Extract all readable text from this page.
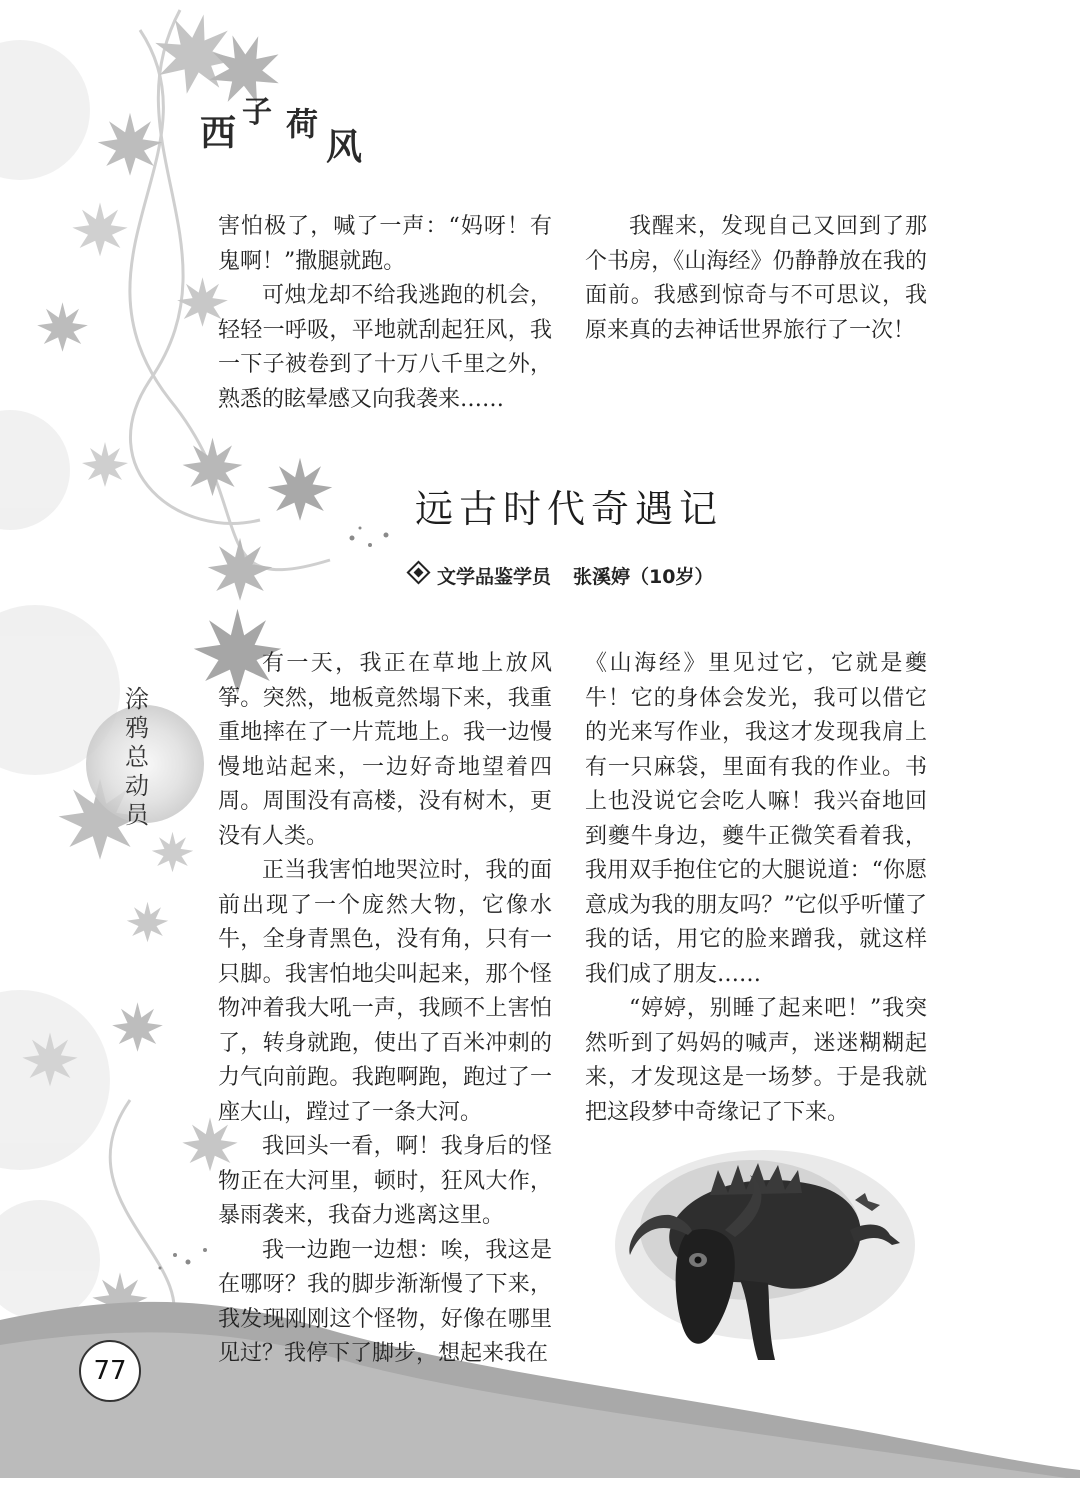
西
子 荷
风

害怕极了，喊了一声：“妈呀！有鬼啊！”撒腿就跑。

可烛龙却不给我逃跑的机会，轻轻一呼吸，平地就刮起狂风，我一下子被卷到了十万八千里之外，熟悉的眩晕感又向我袭来……

我醒来，发现自己又回到了那个书房，《山海经》仍静静放在我的面前。我感到惊奇与不可思议，我原来真的去神话世界旅行了一次！

远古时代奇遇记
文学品鉴学员 张溪婷（10岁）
涂鸦总动员

有一天，我正在草地上放风筝。突然，地板竟然塌下来，我重重地摔在了一片荒地上。我一边慢慢地站起来，一边好奇地望着四周。周围没有高楼，没有树木，更没有人类。

正当我害怕地哭泣时，我的面前出现了一个庞然大物，它像水牛，全身青黑色，没有角，只有一只脚。我害怕地尖叫起来，那个怪物冲着我大吼一声，我顾不上害怕了，转身就跑，使出了百米冲刺的力气向前跑。我跑啊跑，跑过了一座大山，蹚过了一条大河。

我回头一看，啊！我身后的怪物正在大河里，顿时，狂风大作，暴雨袭来，我奋力逃离这里。

我一边跑一边想：唉，我这是在哪呀？我的脚步渐渐慢了下来，我发现刚刚这个怪物，好像在哪里见过？我停下了脚步，想起来我在

《山海经》里见过它，它就是夔牛！它的身体会发光，我可以借它的光来写作业，我这才发现我肩上有一只麻袋，里面有我的作业。书上也没说它会吃人嘛！我兴奋地回到夔牛身边，夔牛正微笑看着我，我用双手抱住它的大腿说道：“你愿意成为我的朋友吗？”它似乎听懂了我的话，用它的脸来蹭我，就这样我们成了朋友……

“婷婷，别睡了起来吧！”我突然听到了妈妈的喊声，迷迷糊糊起来，才发现这是一场梦。于是我就把这段梦中奇缘记了下来。

77
